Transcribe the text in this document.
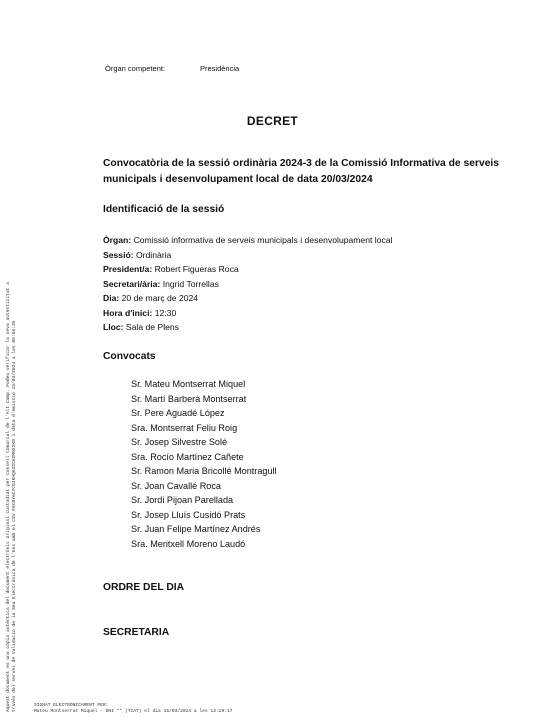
Òrgan competent:	Presidència
DECRET
Convocatòria de la sessió ordinària 2024-3 de la Comissió Informativa de serveis municipals i desenvolupament local de data 20/03/2024
Identificació de la sessió
Òrgan: Comissió informativa de serveis municipals i desenvolupament local
Sessió: Ordinària
President/a: Robert Figueras Roca
Secretari/ària: Ingrid Torrellas
Dia: 20 de març de 2024
Hora d'inici: 12:30
Lloc: Sala de Plens
Convocats
Sr. Mateu Montserrat Miquel
Sr. Martí Barberà Montserrat
Sr. Pere Aguadé López
Sra. Montserrat Feliu Roig
Sr. Josep Silvestre Solé
Sra. Rocío Martínez Cañete
Sr. Ramon Maria Bricollé Montragull
Sr. Joan Cavallé Roca
Sr. Jordi Pijoan Parellada
Sr. Josep Lluís Cusidó Prats
Sr. Juan Felipe Martínez Andrés
Sra. Meritxell Moreno Laudó
ORDRE DEL DIA
SECRETARIA
Aquest document es una còpia autèntica del document electrònic original custodiat per Consell Comarcal de l'Alt Camp. Podeu verificar la seva autenticitat a través del servei de Validació de la Seu Electrònica de l'Ens amb el CSV F6C0Y6C7CGIKHQ6IDCKIM0XIK0 i data d'emissió 15/03/2024 a les 09:56:35	SIGNAT ELECTRÒNICAMENT PER:
Mateu Montserrat Miquel - DNI ** (TCAT) el dia 15/03/2024 a les 13:29:17
